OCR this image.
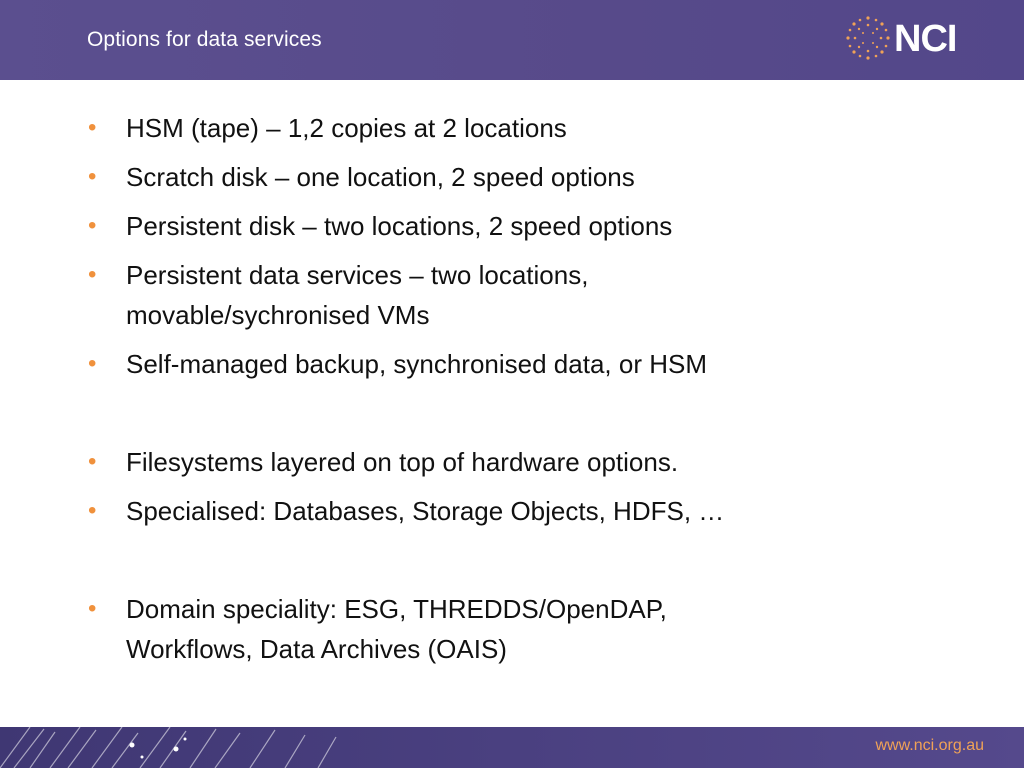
Options for data services	NCI
• HSM (tape) – 1,2 copies at 2 locations
• Scratch disk – one location, 2 speed options
• Persistent disk – two locations, 2 speed options
• Persistent data services – two locations, movable/sychronised VMs
• Self-managed backup, synchronised data, or HSM
• Filesystems layered on top of hardware options.
• Specialised: Databases, Storage Objects, HDFS, …
• Domain speciality: ESG, THREDDS/OpenDAP, Workflows, Data Archives (OAIS)
www.nci.org.au
